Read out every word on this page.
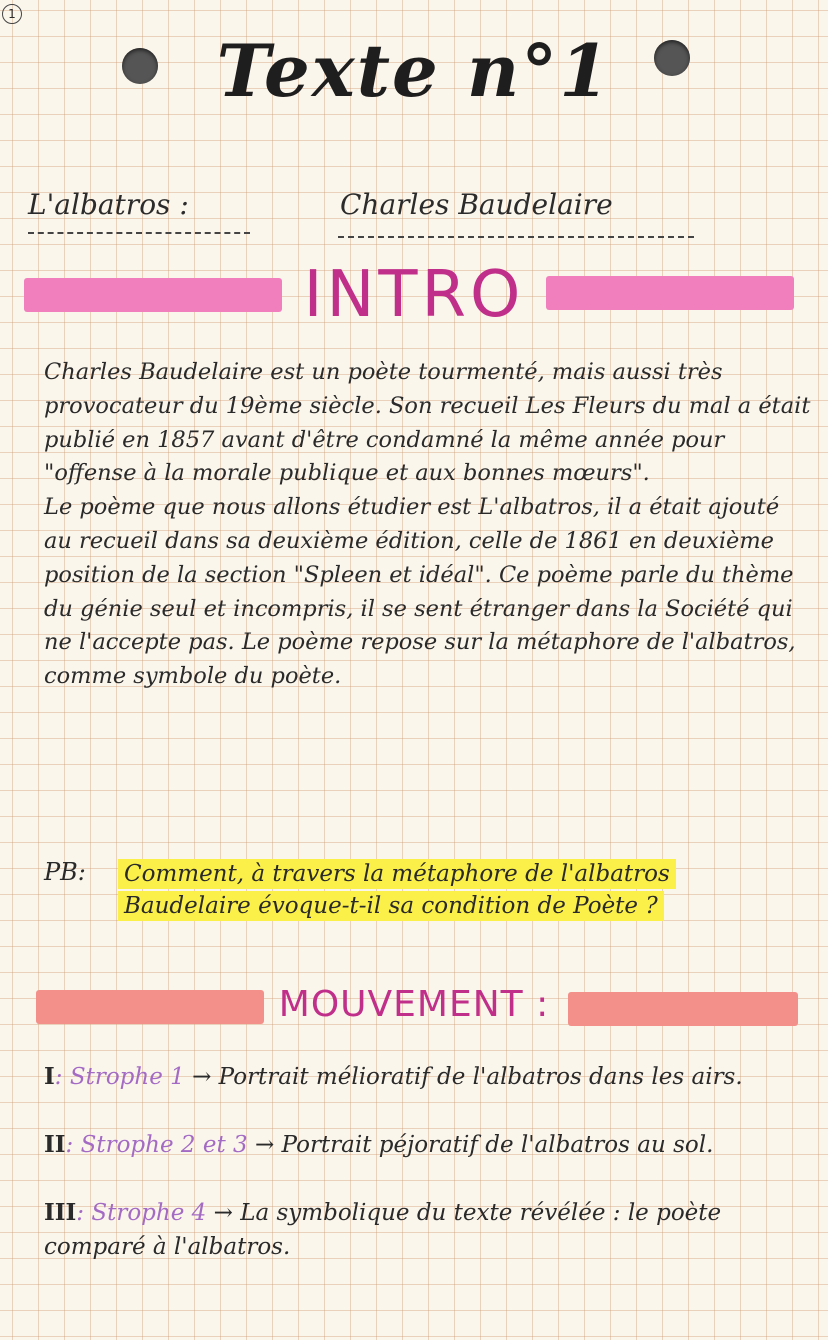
1
Texte n°1
L'albatros :	Charles Baudelaire
INTRO

Charles Baudelaire est un poète tourmenté, mais aussi très provocateur du 19ème siècle. Son recueil Les Fleurs du mal a était publié en 1857 avant d'être condamné la même année pour "offense à la morale publique et aux bonnes mœurs".

Le poème que nous allons étudier est L'albatros, il a était ajouté au recueil dans sa deuxième édition, celle de 1861 en deuxième position de la section "Spleen et idéal". Ce poème parle du thème du génie seul et incompris, il se sent étranger dans la Société qui ne l'accepte pas. Le poème repose sur la métaphore de l'albatros, comme symbole du poète.

PB: Comment, à travers la métaphore de l'albatros Baudelaire évoque-t-il sa condition de Poète ?
MOUVEMENT :
I: Strophe 1 → Portrait mélioratif de l'albatros dans les airs.
II: Strophe 2 et 3 → Portrait péjoratif de l'albatros au sol.
III: Strophe 4 → La symbolique du texte révélée : le poète comparé à l'albatros.
